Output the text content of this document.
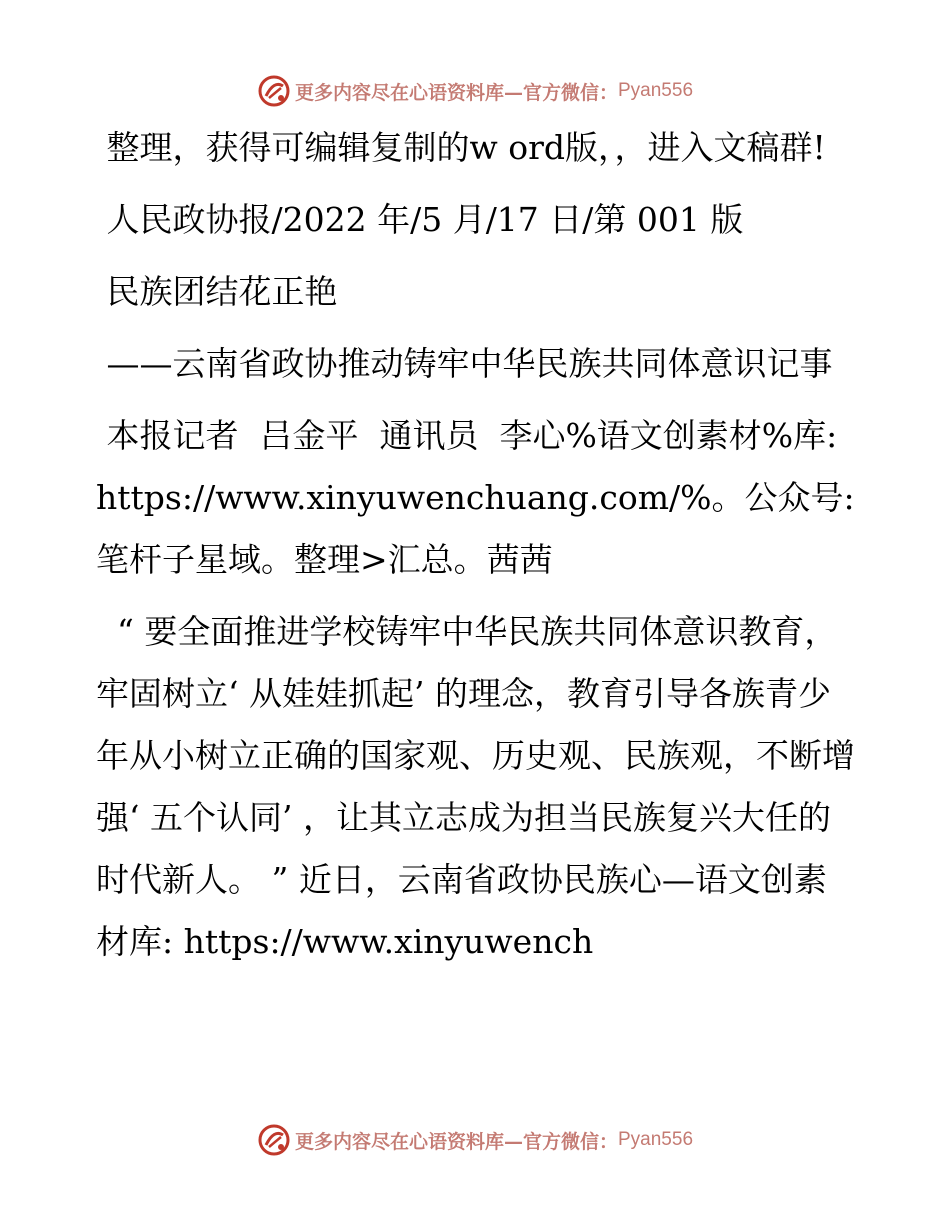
更多内容尽在心语资料库—官方微信： Pyan556

整理，获得可编辑复制的w ord版，，进入文稿群!

人民政协报/2022 年/5 月/17 日/第 001 版

民族团结花正艳

——云南省政协推动铸牢中华民族共同体意识记事

本报记者  吕金平  通讯员  李心%语文创素材%库: https://www.xinyuwenchuang.com/%。公众号: 笔杆子星域。整理>汇总。茜茜

“ 要全面推进学校铸牢中华民族共同体意识教育，牢固树立‘ 从娃娃抓起’ 的理念，教育引导各族青少年从小树立正确的国家观、历史观、民族观，不断增强‘ 五个认同’ ，让其立志成为担当民族复兴大任的时代新人。 ” 近日，云南省政协民族心—语文创素材库: https://www.xinyuwench

更多内容尽在心语资料库—官方微信： Pyan556
